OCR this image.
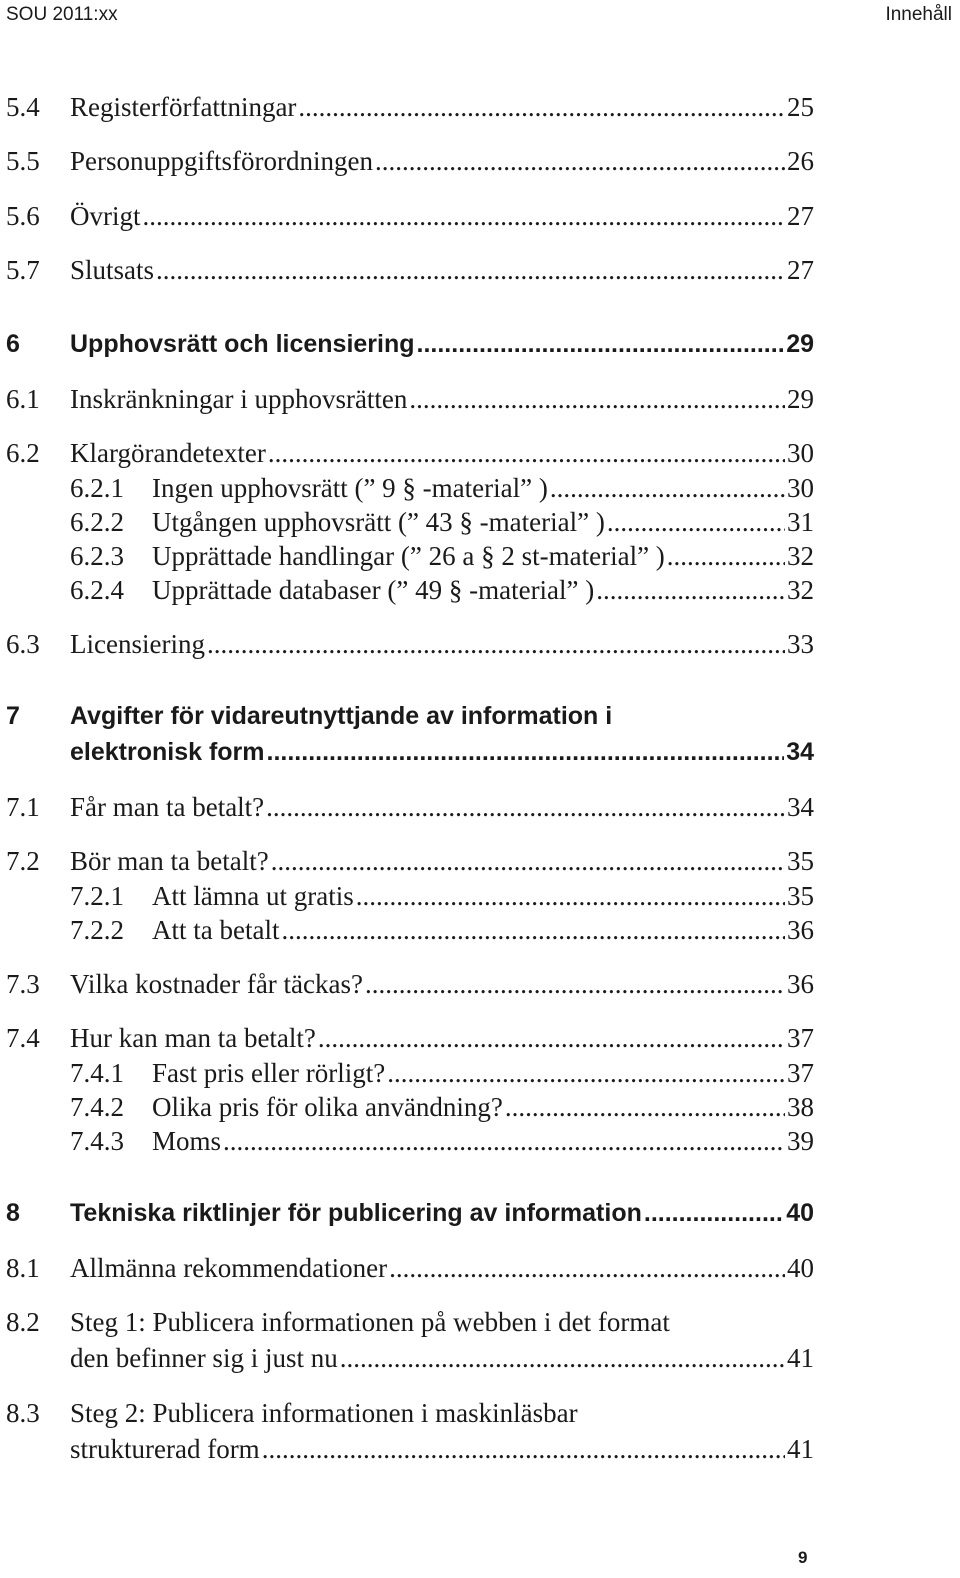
SOU 2011:xx	Innehåll
5.4 Registerförfattningar .....	25
5.5 Personuppgiftsförordningen .....	26
5.6 Övrigt .....	27
5.7 Slutsats .....	27
6 Upphovsrätt och licensiering .....	29
6.1 Inskränkningar i upphovsrätten .....	29
6.2 Klargörandetexter .....	30
6.2.1 Ingen upphovsrätt (” 9 § -material” ) .....	30
6.2.2 Utgången upphovsrätt (” 43 § -material” ) .....	31
6.2.3 Upprättade handlingar (” 26 a § 2 st-material” ) .....	32
6.2.4 Upprättade databaser (” 49 § -material” ) .....	32
6.3 Licensiering .....	33
7 Avgifter för vidareutnyttjande av information i
elektronisk form .....	34
7.1 Får man ta betalt? .....	34
7.2 Bör man ta betalt? .....	35
7.2.1 Att lämna ut gratis .....	35
7.2.2 Att ta betalt .....	36
7.3 Vilka kostnader får täckas? .....	36
7.4 Hur kan man ta betalt? .....	37
7.4.1 Fast pris eller rörligt? .....	37
7.4.2 Olika pris för olika användning? .....	38
7.4.3 Moms .....	39
8 Tekniska riktlinjer för publicering av information .....	40
8.1 Allmänna rekommendationer .....	40
8.2 Steg 1: Publicera informationen på webben i det format
den befinner sig i just nu .....	41
8.3 Steg 2: Publicera informationen i maskinläsbar
strukturerad form .....	41
9
